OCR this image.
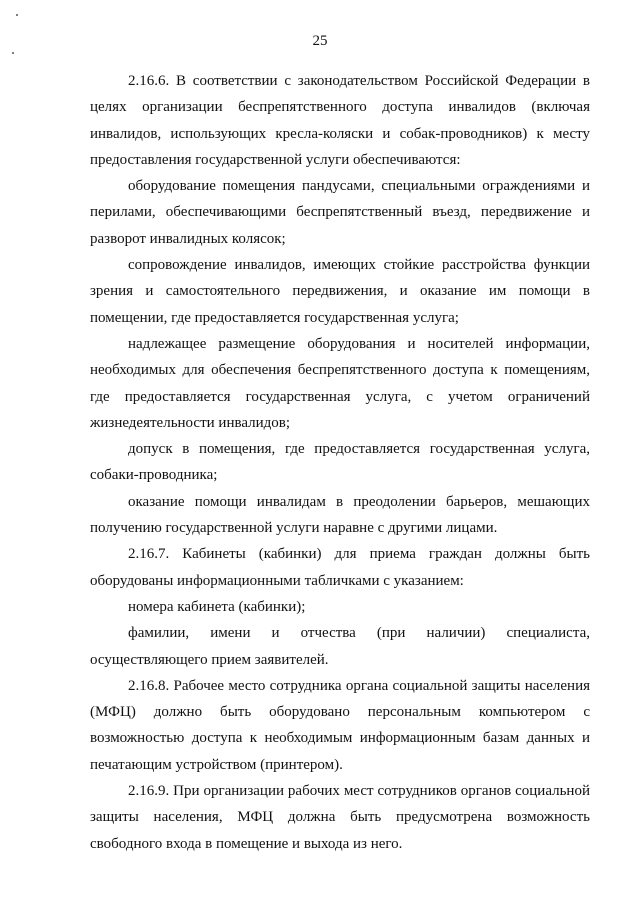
25

2.16.6. В соответствии с законодательством Российской Федерации в целях организации беспрепятственного доступа инвалидов (включая инвалидов, использующих кресла-коляски и собак-проводников) к месту предоставления государственной услуги обеспечиваются:

оборудование помещения пандусами, специальными ограждениями и перилами, обеспечивающими беспрепятственный въезд, передвижение и разворот инвалидных колясок;

сопровождение инвалидов, имеющих стойкие расстройства функции зрения и самостоятельного передвижения, и оказание им помощи в помещении, где предоставляется государственная услуга;

надлежащее размещение оборудования и носителей информации, необходимых для обеспечения беспрепятственного доступа к помещениям, где предоставляется государственная услуга, с учетом ограничений жизнедеятельности инвалидов;

допуск в помещения, где предоставляется государственная услуга, собаки-проводника;

оказание помощи инвалидам в преодолении барьеров, мешающих получению государственной услуги наравне с другими лицами.

2.16.7. Кабинеты (кабинки) для приема граждан должны быть оборудованы информационными табличками с указанием:

номера кабинета (кабинки);

фамилии, имени и отчества (при наличии) специалиста, осуществляющего прием заявителей.

2.16.8. Рабочее место сотрудника органа социальной защиты населения (МФЦ) должно быть оборудовано персональным компьютером с возможностью доступа к необходимым информационным базам данных и печатающим устройством (принтером).

2.16.9. При организации рабочих мест сотрудников органов социальной защиты населения, МФЦ должна быть предусмотрена возможность свободного входа в помещение и выхода из него.
